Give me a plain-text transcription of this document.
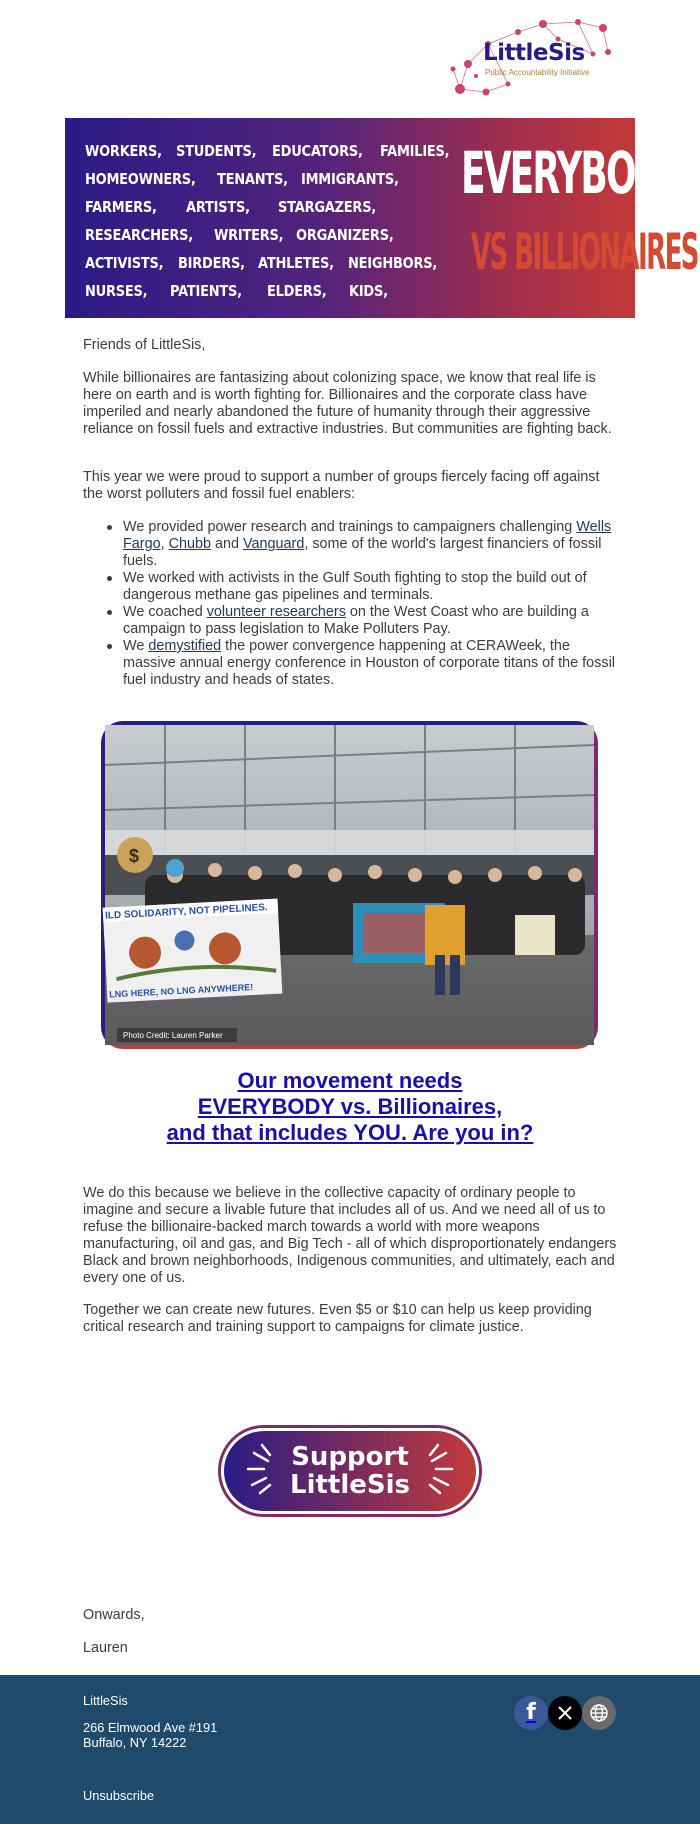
LittleSis
Public Accountability Initiative
WORKERS, STUDENTS, EDUCATORS, FAMILIES,
HOMEOWNERS, TENANTS, IMMIGRANTS,
FARMERS, ARTISTS, STARGAZERS,
RESEARCHERS, WRITERS, ORGANIZERS,
ACTIVISTS, BIRDERS, ATHLETES, NEIGHBORS,
NURSES, PATIENTS, ELDERS, KIDS,
EVERYBODY
VS BILLIONAIRES

Friends of LittleSis,

While billionaires are fantasizing about colonizing space, we know that real life is here on earth and is worth fighting for. Billionaires and the corporate class have imperiled and nearly abandoned the future of humanity through their aggressive reliance on fossil fuels and extractive industries. But communities are fighting back.

This year we were proud to support a number of groups fiercely facing off against the worst polluters and fossil fuel enablers:

We provided power research and trainings to campaigners challenging Wells Fargo, Chubb and Vanguard, some of the world's largest financiers of fossil fuels.
We worked with activists in the Gulf South fighting to stop the build out of dangerous methane gas pipelines and terminals.
We coached volunteer researchers on the West Coast who are building a campaign to pass legislation to Make Polluters Pay.
We demystified the power convergence happening at CERAWeek, the massive annual energy conference in Houston of corporate titans of the fossil fuel industry and heads of states.
$
ILD SOLIDARITY, NOT PIPELINES.
LNG HERE, NO LNG ANYWHERE!
Photo Credit: Lauren Parker
Our movement needs
EVERYBODY vs. Billionaires,
and that includes YOU. Are you in?

We do this because we believe in the collective capacity of ordinary people to imagine and secure a livable future that includes all of us. And we need all of us to refuse the billionaire-backed march towards a world with more weapons manufacturing, oil and gas, and Big Tech - all of which disproportionately endangers Black and brown neighborhoods, Indigenous communities, and ultimately, each and every one of us.

Together we can create new futures. Even $5 or $10 can help us keep providing critical research and training support to campaigns for climate justice.

Support
LittleSis

Onwards,

Lauren

LittleSis
266 Elmwood Ave #191
Buffalo, NY 14222
Unsubscribe
f
